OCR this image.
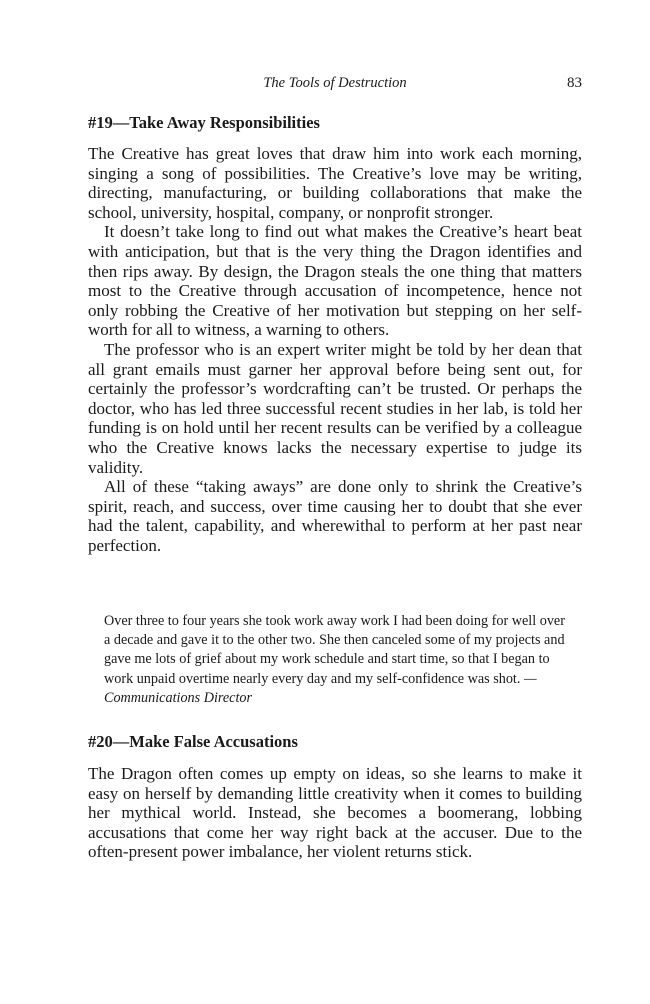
The Tools of Destruction	83
#19—Take Away Responsibilities

The Creative has great loves that draw him into work each morning, singing a song of possibilities. The Creative’s love may be writing, directing, manufacturing, or building collaborations that make the school, university, hospital, company, or nonprofit stronger.

It doesn’t take long to find out what makes the Creative’s heart beat with anticipation, but that is the very thing the Dragon identifies and then rips away. By design, the Dragon steals the one thing that matters most to the Creative through accusation of incompetence, hence not only robbing the Creative of her motivation but stepping on her self-worth for all to witness, a warning to others.

The professor who is an expert writer might be told by her dean that all grant emails must garner her approval before being sent out, for certainly the professor’s wordcrafting can’t be trusted. Or perhaps the doctor, who has led three successful recent studies in her lab, is told her funding is on hold until her recent results can be verified by a colleague who the Creative knows lacks the necessary expertise to judge its validity.

All of these “taking aways” are done only to shrink the Creative’s spirit, reach, and success, over time causing her to doubt that she ever had the talent, capability, and wherewithal to perform at her past near perfection.

Over three to four years she took work away work I had been doing for well over a decade and gave it to the other two. She then canceled some of my projects and gave me lots of grief about my work schedule and start time, so that I began to work unpaid overtime nearly every day and my self-confidence was shot. —Communications Director
#20—Make False Accusations

The Dragon often comes up empty on ideas, so she learns to make it easy on herself by demanding little creativity when it comes to building her mythical world. Instead, she becomes a boomerang, lobbing accusations that come her way right back at the accuser. Due to the often-present power imbalance, her violent returns stick.
